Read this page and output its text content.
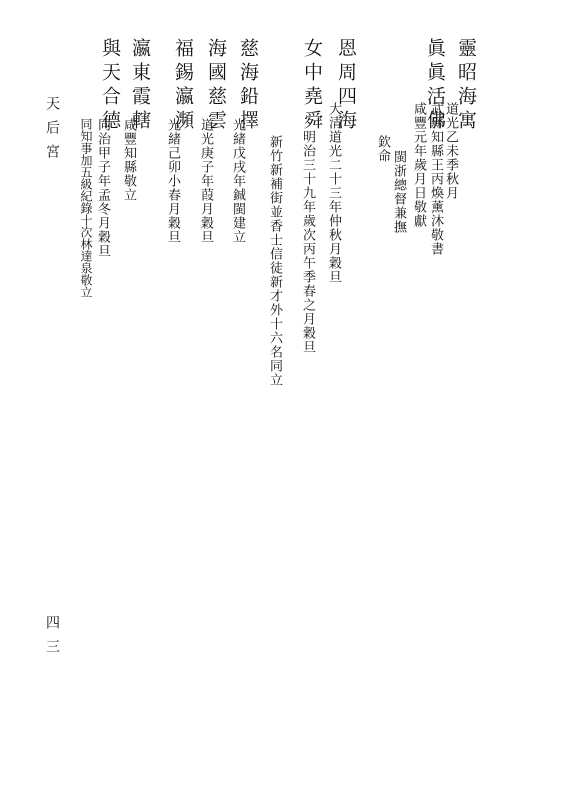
天后宮
四三
靈昭海寓
道光乙未季秋月
武縣知縣王丙煥薰沐敬書
眞眞活佛
咸豐元年歲月日敬獻
欽命
閩浙總督兼撫
恩周四海
大清道光二十三年仲秋月穀旦
女中堯舜
明治三十九年歲次丙午季春之月穀旦
新竹新補街並香士信徒新才外十六名同立
慈海鉛擇
光緒戊戌年鋮閩建立
海國慈雲
道光庚子年葭月穀旦
福錫瀛瀕
光緒己卯小春月穀旦
瀛東霞轄
咸豐知縣敬立
與天合德
同治甲子年孟冬月穀旦
同知事加五級紀錄十次林達泉敬立
